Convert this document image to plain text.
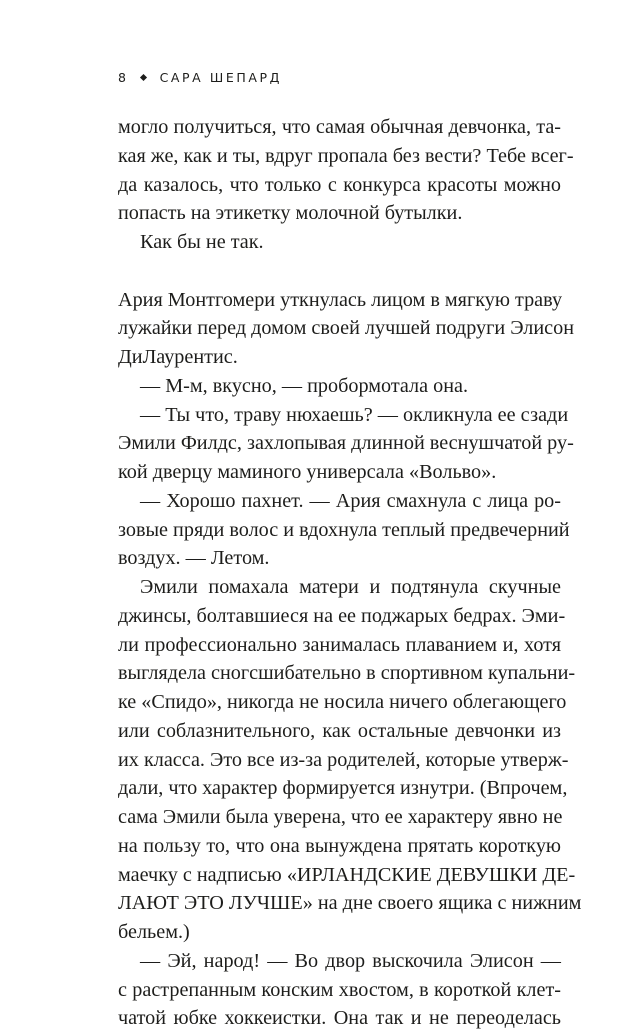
8 САРА ШЕПАРД
могло получиться, что самая обычная девчонка, та-
кая же, как и ты, вдруг пропала без вести? Тебе всег-
да казалось, что только с конкурса красоты можно
попасть на этикетку молочной бутылки.
Как бы не так.
Ария Монтгомери уткнулась лицом в мягкую траву
лужайки перед домом своей лучшей подруги Элисон
ДиЛаурентис.
— М-м, вкусно, — пробормотала она.
— Ты что, траву нюхаешь? — окликнула ее сзади
Эмили Филдс, захлопывая длинной веснушчатой ру-
кой дверцу маминого универсала «Вольво».
— Хорошо пахнет. — Ария смахнула с лица ро-
зовые пряди волос и вдохнула теплый предвечерний
воздух. — Летом.
Эмили помахала матери и подтянула скучные
джинсы, болтавшиеся на ее поджарых бедрах. Эми-
ли профессионально занималась плаванием и, хотя
выглядела сногсшибательно в спортивном купальни-
ке «Спидо», никогда не носила ничего облегающего
или соблазнительного, как остальные девчонки из
их класса. Это все из-за родителей, которые утверж-
дали, что характер формируется изнутри. (Впрочем,
сама Эмили была уверена, что ее характеру явно не
на пользу то, что она вынуждена прятать короткую
маечку с надписью «ИРЛАНДСКИЕ ДЕВУШКИ ДЕ-
ЛАЮТ ЭТО ЛУЧШЕ» на дне своего ящика с нижним
бельем.)
— Эй, народ! — Во двор выскочила Элисон —
с растрепанным конским хвостом, в короткой клет-
чатой юбке хоккеистки. Она так и не переоделась
